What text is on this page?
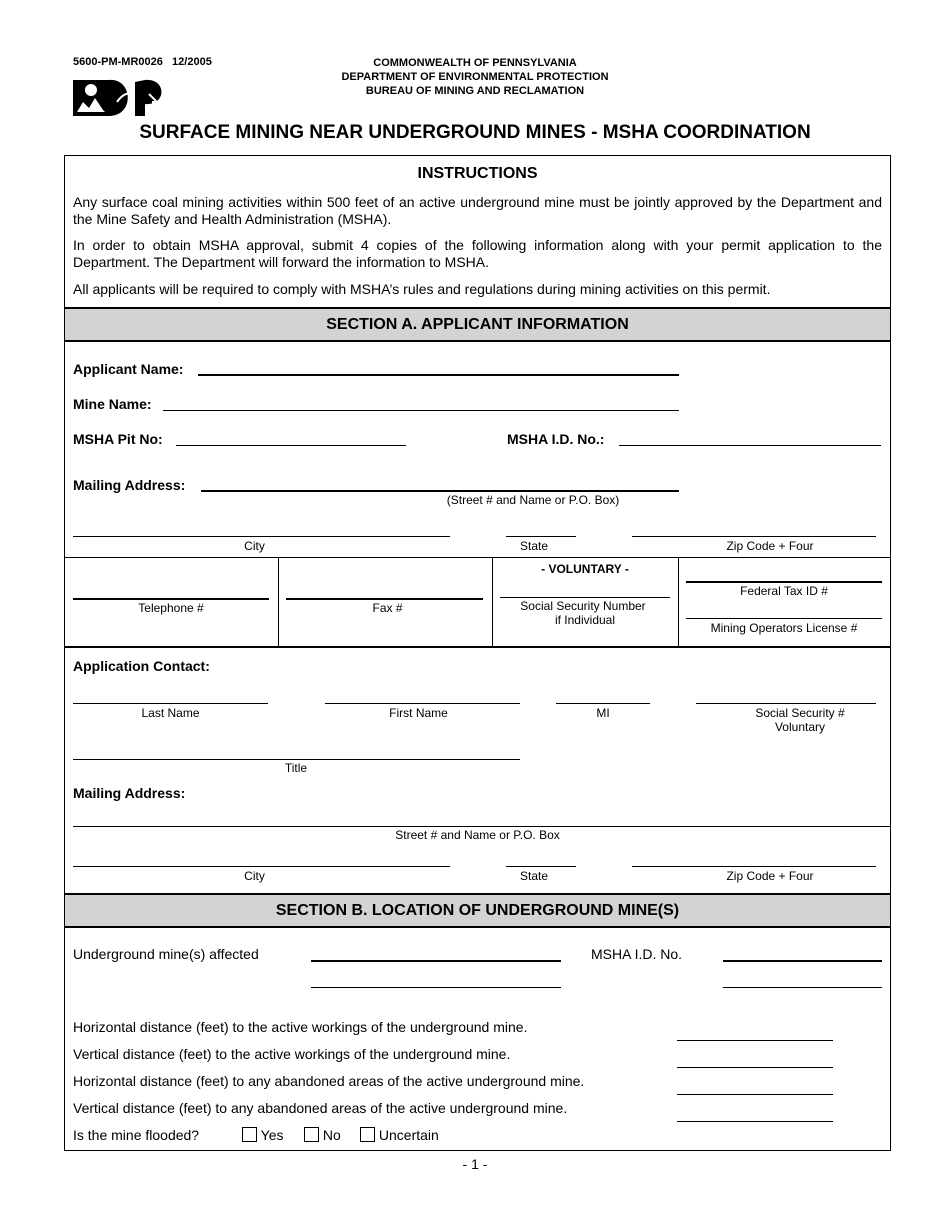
5600-PM-MR0026   12/2005	COMMONWEALTH OF PENNSYLVANIA
DEPARTMENT OF ENVIRONMENTAL PROTECTION
BUREAU OF MINING AND RECLAMATION
DEP
SURFACE MINING NEAR UNDERGROUND MINES - MSHA COORDINATION
INSTRUCTIONS
Any surface coal mining activities within 500 feet of an active underground mine must be jointly approved by the Department and the Mine Safety and Health Administration (MSHA).
In order to obtain MSHA approval, submit 4 copies of the following information along with your permit application to the Department. The Department will forward the information to MSHA.
All applicants will be required to comply with MSHA’s rules and regulations during mining activities on this permit.
SECTION A. APPLICANT INFORMATION
Applicant Name:
Mine Name:
MSHA Pit No:	MSHA I.D. No.:
Mailing Address:
(Street # and Name or P.O. Box)
City	State	Zip Code + Four
Telephone #	Fax #
- VOLUNTARY -
Social Security Number
if Individual
Federal Tax ID #
Mining Operators License #
Application Contact:
Last Name	First Name	MI	Social Security #
Voluntary
Title
Mailing Address:
Street # and Name or P.O. Box
City	State	Zip Code + Four
SECTION B. LOCATION OF UNDERGROUND MINE(S)
Underground mine(s) affected	MSHA I.D. No.
Horizontal distance (feet) to the active workings of the underground mine.
Vertical distance (feet) to the active workings of the underground mine.
Horizontal distance (feet) to any abandoned areas of the active underground mine.
Vertical distance (feet) to any abandoned areas of the active underground mine.
Is the mine flooded?	Yes	No	Uncertain
- 1 -
